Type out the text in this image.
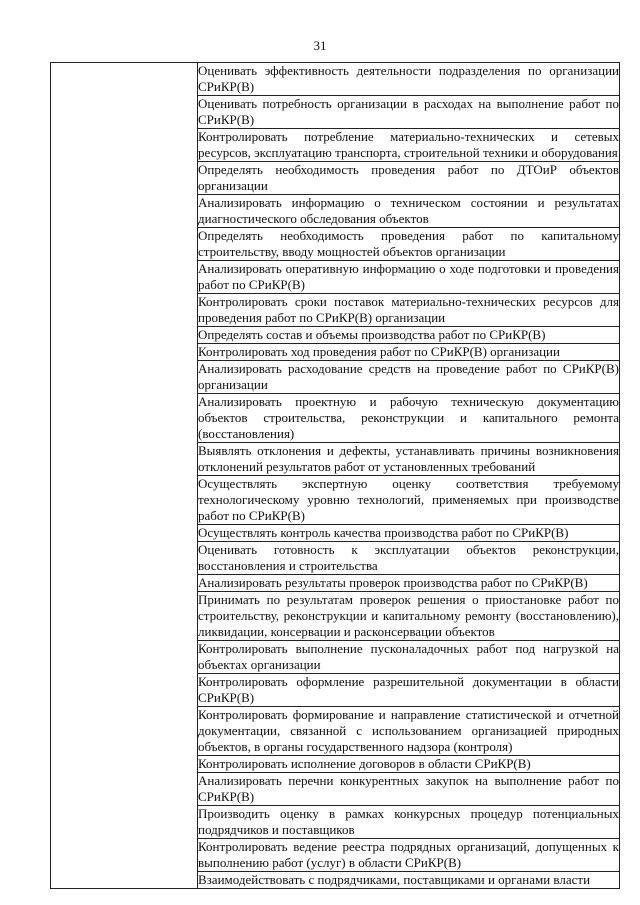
31
	Оценивать эффективность деятельности подразделения по организации СРиКР(В)
Оценивать потребность организации в расходах на выполнение работ по СРиКР(В)
Контролировать потребление материально-технических и сетевых ресурсов, эксплуатацию транспорта, строительной техники и оборудования
Определять необходимость проведения работ по ДТОиР объектов организации
Анализировать информацию о техническом состоянии и результатах диагностического обследования объектов
Определять необходимость проведения работ по капитальному строительству, вводу мощностей объектов организации
Анализировать оперативную информацию о ходе подготовки и проведения работ по СРиКР(В)
Контролировать сроки поставок материально-технических ресурсов для проведения работ по СРиКР(В) организации
Определять состав и объемы производства работ по СРиКР(В)
Контролировать ход проведения работ по СРиКР(В) организации
Анализировать расходование средств на проведение работ по СРиКР(В) организации
Анализировать проектную и рабочую техническую документацию объектов строительства, реконструкции и капитального ремонта (восстановления)
Выявлять отклонения и дефекты, устанавливать причины возникновения отклонений результатов работ от установленных требований
Осуществлять экспертную оценку соответствия требуемому технологическому уровню технологий, применяемых при производстве работ по СРиКР(В)
Осуществлять контроль качества производства работ по СРиКР(В)
Оценивать готовность к эксплуатации объектов реконструкции, восстановления и строительства
Анализировать результаты проверок производства работ по СРиКР(В)
Принимать по результатам проверок решения о приостановке работ по строительству, реконструкции и капитальному ремонту (восстановлению), ликвидации, консервации и расконсервации объектов
Контролировать выполнение пусконаладочных работ под нагрузкой на объектах организации
Контролировать оформление разрешительной документации в области СРиКР(В)
Контролировать формирование и направление статистической и отчетной документации, связанной с использованием организацией природных объектов, в органы государственного надзора (контроля)
Контролировать исполнение договоров в области СРиКР(В)
Анализировать перечни конкурентных закупок на выполнение работ по СРиКР(В)
Производить оценку в рамках конкурсных процедур потенциальных подрядчиков и поставщиков
Контролировать ведение реестра подрядных организаций, допущенных к выполнению работ (услуг) в области СРиКР(В)
Взаимодействовать с подрядчиками, поставщиками и органами власти
